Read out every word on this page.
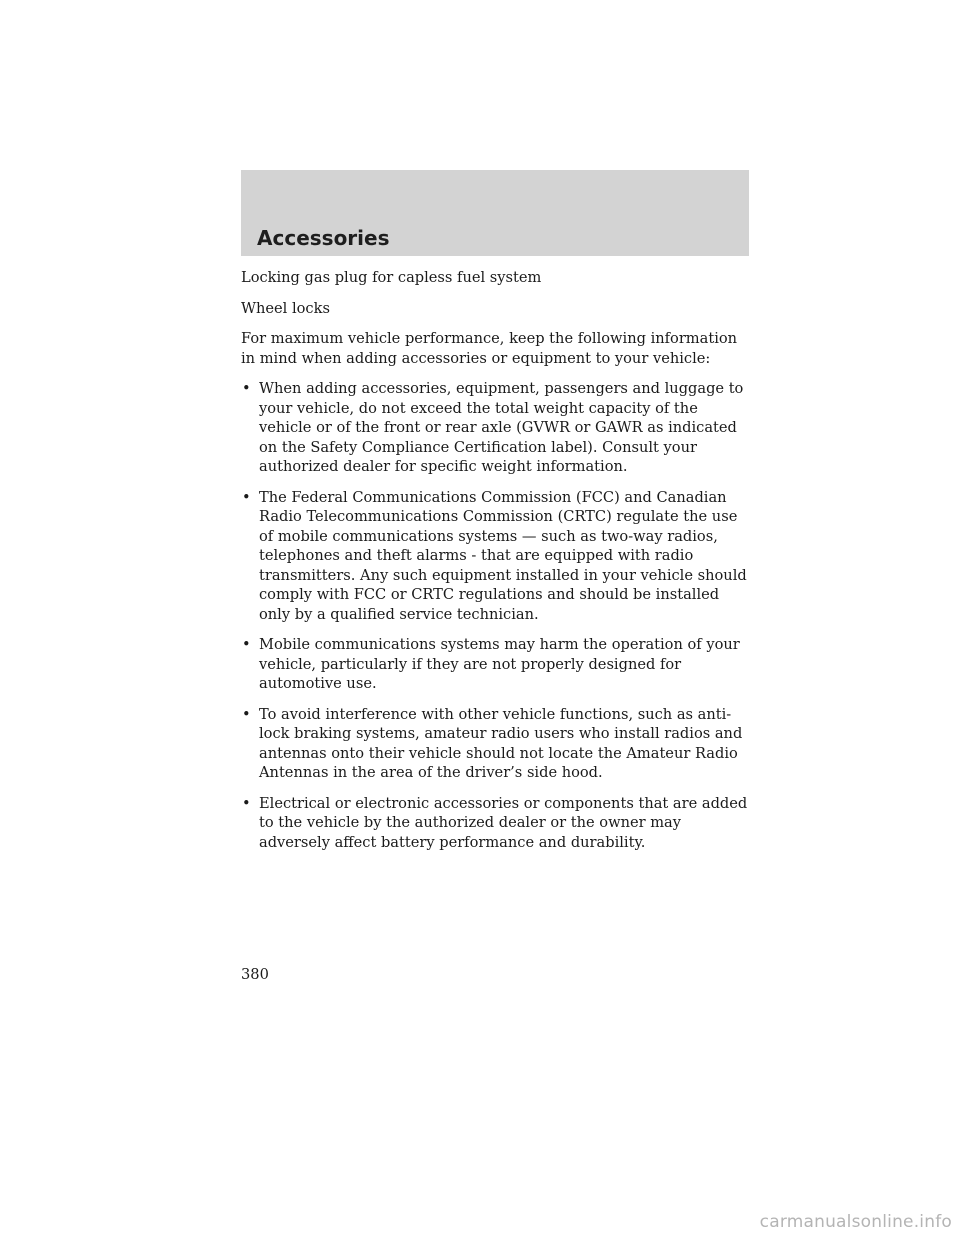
Accessories

Locking gas plug for capless fuel system

Wheel locks

For maximum vehicle performance, keep the following information in mind when adding accessories or equipment to your vehicle:

• When adding accessories, equipment, passengers and luggage to your vehicle, do not exceed the total weight capacity of the vehicle or of the front or rear axle (GVWR or GAWR as indicated on the Safety Compliance Certification label). Consult your authorized dealer for specific weight information.
• The Federal Communications Commission (FCC) and Canadian Radio Telecommunications Commission (CRTC) regulate the use of mobile communications systems — such as two-way radios, telephones and theft alarms - that are equipped with radio transmitters. Any such equipment installed in your vehicle should comply with FCC or CRTC regulations and should be installed only by a qualified service technician.
• Mobile communications systems may harm the operation of your vehicle, particularly if they are not properly designed for automotive use.
• To avoid interference with other vehicle functions, such as anti-lock braking systems, amateur radio users who install radios and antennas onto their vehicle should not locate the Amateur Radio Antennas in the area of the driver’s side hood.
• Electrical or electronic accessories or components that are added to the vehicle by the authorized dealer or the owner may adversely affect battery performance and durability.
380
carmanualsonline.info
